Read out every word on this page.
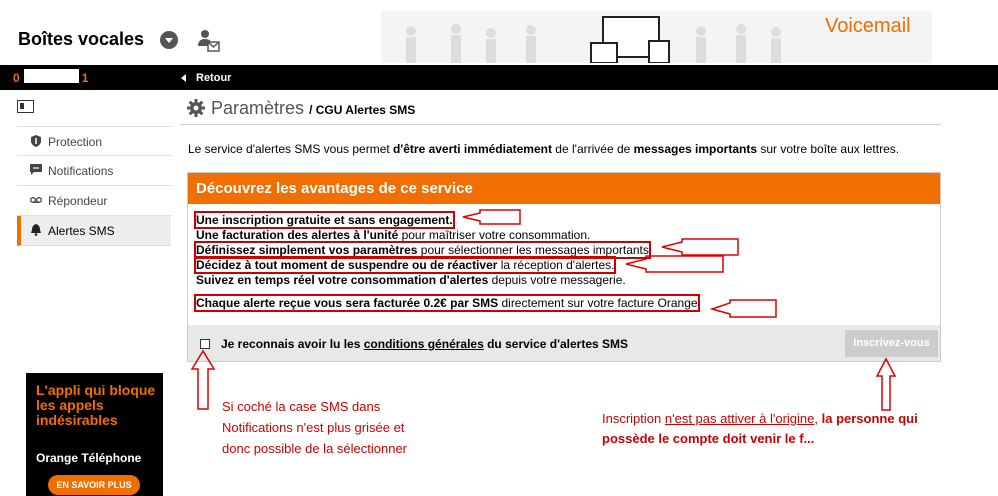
Boîtes vocales
Voicemail
0	1	Retour
Protection
Notifications
Répondeur
Alertes SMS
L'appli qui bloque les appels indésirables
Orange Téléphone
EN SAVOIR PLUS
Paramètres / CGU Alertes SMS
Le service d'alertes SMS vous permet d'être averti immédiatement de l'arrivée de messages importants sur votre boîte aux lettres.
Découvrez les avantages de ce service
Une inscription gratuite et sans engagement.
Une facturation des alertes à l'unité pour maîtriser votre consommation.
Définissez simplement vos paramètres pour sélectionner les messages importants
Décidez à tout moment de suspendre ou de réactiver la réception d'alertes.
Suivez en temps réel votre consommation d'alertes depuis votre messagerie.
Chaque alerte reçue vous sera facturée 0.2€ par SMS directement sur votre facture Orange
Je reconnais avoir lu les conditions générales du service d'alertes SMS	Inscrivez-vous
Si coché la case SMS dans Notifications n'est plus grisée et donc possible de la sélectionner
Inscription n'est pas attiver à l'origine, la personne qui possède le compte doit venir le f...
